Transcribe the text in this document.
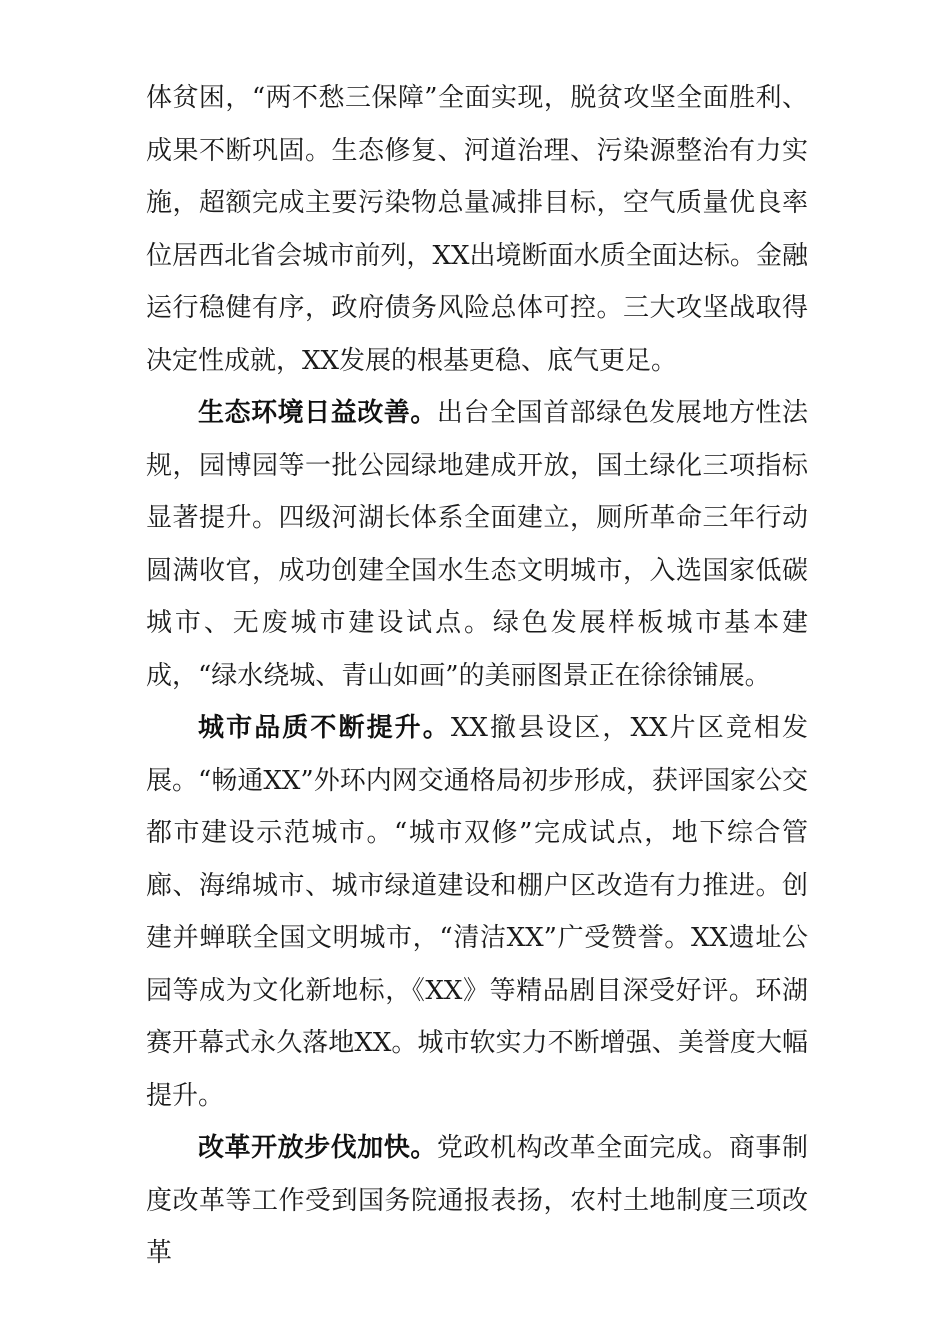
体贫困，“两不愁三保障”全面实现，脱贫攻坚全面胜利、成果不断巩固。生态修复、河道治理、污染源整治有力实施，超额完成主要污染物总量减排目标，空气质量优良率位居西北省会城市前列，XX出境断面水质全面达标。金融运行稳健有序，政府债务风险总体可控。三大攻坚战取得决定性成就，XX发展的根基更稳、底气更足。

生态环境日益改善。出台全国首部绿色发展地方性法规，园博园等一批公园绿地建成开放，国土绿化三项指标显著提升。四级河湖长体系全面建立，厕所革命三年行动圆满收官，成功创建全国水生态文明城市，入选国家低碳城市、无废城市建设试点。绿色发展样板城市基本建成，“绿水绕城、青山如画”的美丽图景正在徐徐铺展。

城市品质不断提升。XX撤县设区，XX片区竞相发展。“畅通XX”外环内网交通格局初步形成，获评国家公交都市建设示范城市。“城市双修”完成试点，地下综合管廊、海绵城市、城市绿道建设和棚户区改造有力推进。创建并蝉联全国文明城市，“清洁XX”广受赞誉。XX遗址公园等成为文化新地标，《XX》等精品剧目深受好评。环湖赛开幕式永久落地XX。城市软实力不断增强、美誉度大幅提升。

改革开放步伐加快。党政机构改革全面完成。商事制度改革等工作受到国务院通报表扬，农村土地制度三项改革
